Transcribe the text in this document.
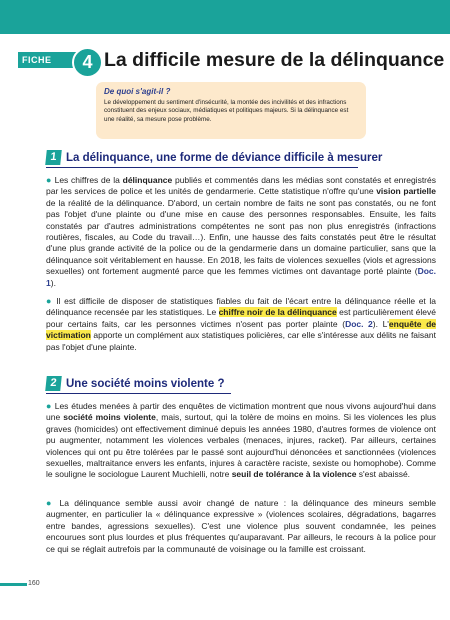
FICHE	4 La difficile mesure de la délinquance
De quoi s'agit-il ?
Le développement du sentiment d'insécurité, la montée des incivilités et des infractions constituent des enjeux sociaux, médiatiques et politiques majeurs. Si la délinquance est une réalité, sa mesure pose problème.
1 La délinquance, une forme de déviance difficile à mesurer
● Les chiffres de la délinquance publiés et commentés dans les médias sont constatés et enregistrés par les services de police et les unités de gendarmerie. Cette statistique n'offre qu'une vision partielle de la réalité de la délinquance. D'abord, un certain nombre de faits ne sont pas constatés, ou ne font pas l'objet d'une plainte ou d'une mise en cause des personnes responsables. Ensuite, les faits constatés par d'autres administrations compétentes ne sont pas non plus enregistrés (infractions routières, fiscales, au Code du travail…). Enfin, une hausse des faits constatés peut être le résultat d'une plus grande activité de la police ou de la gendarmerie dans un domaine particulier, sans que la délinquance soit véritablement en hausse. En 2018, les faits de violences sexuelles (viols et agressions sexuelles) ont fortement augmenté parce que les femmes victimes ont davantage porté plainte (Doc. 1).
● Il est difficile de disposer de statistiques fiables du fait de l'écart entre la délinquance réelle et la délinquance recensée par les statistiques. Le chiffre noir de la délinquance est particulièrement élevé pour certains faits, car les personnes victimes n'osent pas porter plainte (Doc. 2). L'enquête de victimation apporte un complément aux statistiques policières, car elle s'intéresse aux délits ne faisant pas l'objet d'une plainte.
2 Une société moins violente ?
● Les études menées à partir des enquêtes de victimation montrent que nous vivons aujourd'hui dans une société moins violente, mais, surtout, qui la tolère de moins en moins. Si les violences les plus graves (homicides) ont effectivement diminué depuis les années 1980, d'autres formes de violence ont pu augmenter, notamment les violences verbales (menaces, injures, racket). Par ailleurs, certaines violences qui ont pu être tolérées par le passé sont aujourd'hui dénoncées et sanctionnées (violences sexuelles, maltraitance envers les enfants, injures à caractère raciste, sexiste ou homophobe). Comme le souligne le sociologue Laurent Muchielli, notre seuil de tolérance à la violence s'est abaissé.
● La délinquance semble aussi avoir changé de nature : la délinquance des mineurs semble augmenter, en particulier la « délinquance expressive » (violences scolaires, dégradations, bagarres entre bandes, agressions sexuelles). C'est une violence plus souvent condamnée, les peines encourues sont plus lourdes et plus fréquentes qu'auparavant. Par ailleurs, le recours à la police pour ce qui se réglait autrefois par la communauté de voisinage ou la famille est croissant.
160
